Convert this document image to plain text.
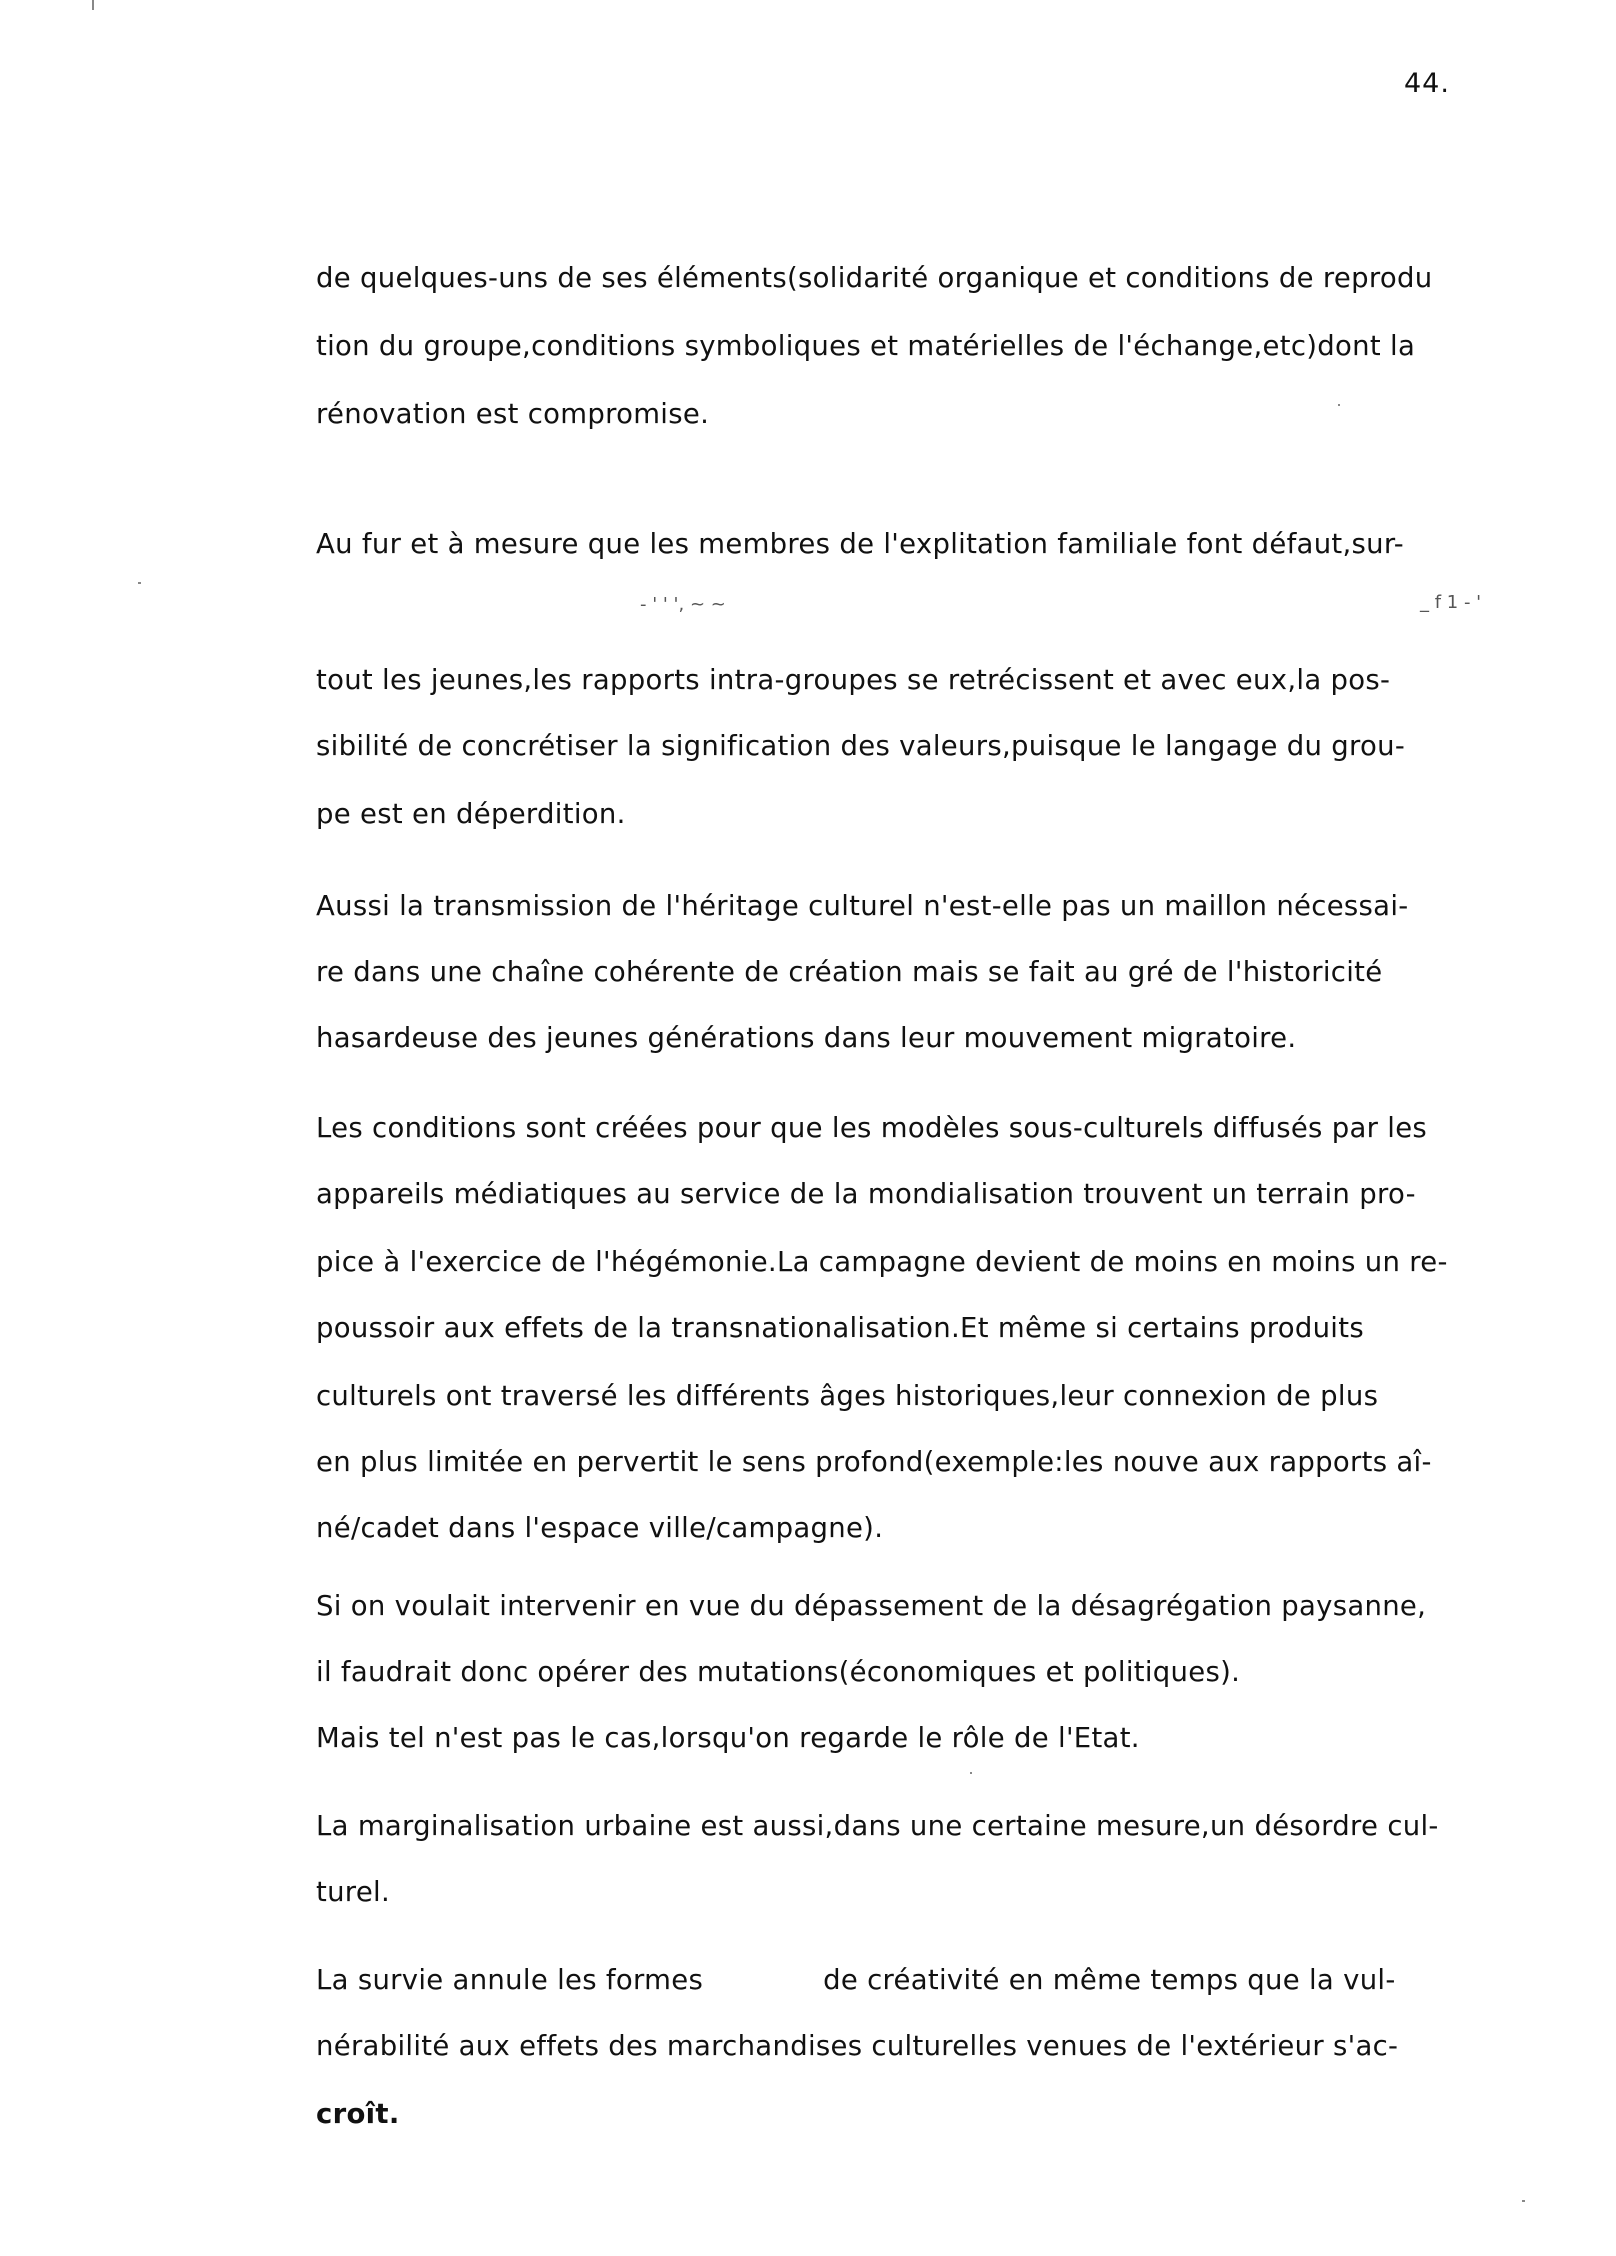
44.
de quelques-uns de ses éléments(solidarité organique et conditions de reprodu
tion du groupe,conditions symboliques et matérielles de l'échange,etc)dont la
rénovation est compromise.
Au fur et à mesure que les membres de l'explitation familiale font défaut,sur-
- ' ' ', ~ ~	_ f 1 - '
tout les jeunes,les rapports intra-groupes se retrécissent et avec eux,la pos-
sibilité de concrétiser la signification des valeurs,puisque le langage du grou-
pe est en déperdition.
Aussi la transmission de l'héritage culturel n'est-elle pas un maillon nécessai-
re dans une chaîne cohérente de création mais se fait au gré de l'historicité
hasardeuse des jeunes générations dans leur mouvement migratoire.
Les conditions sont créées pour que les modèles sous-culturels diffusés par les
appareils médiatiques au service de la mondialisation trouvent un terrain pro-
pice à l'exercice de l'hégémonie.La campagne devient de moins en moins un re-
poussoir aux effets de la transnationalisation.Et même si certains produits
culturels ont traversé les différents âges historiques,leur connexion de plus
en plus limitée en pervertit le sens profond(exemple:les nouve aux rapports aî-
né/cadet dans l'espace ville/campagne).
Si on voulait intervenir en vue du dépassement de la désagrégation paysanne,
il faudrait donc opérer des mutations(économiques et politiques).
Mais tel n'est pas le cas,lorsqu'on regarde le rôle de l'Etat.
La marginalisation urbaine est aussi,dans une certaine mesure,un désordre cul-
turel.
La survie annule les formes	de créativité en même temps que la vul-
nérabilité aux effets des marchandises culturelles venues de l'extérieur s'ac-
croît.
